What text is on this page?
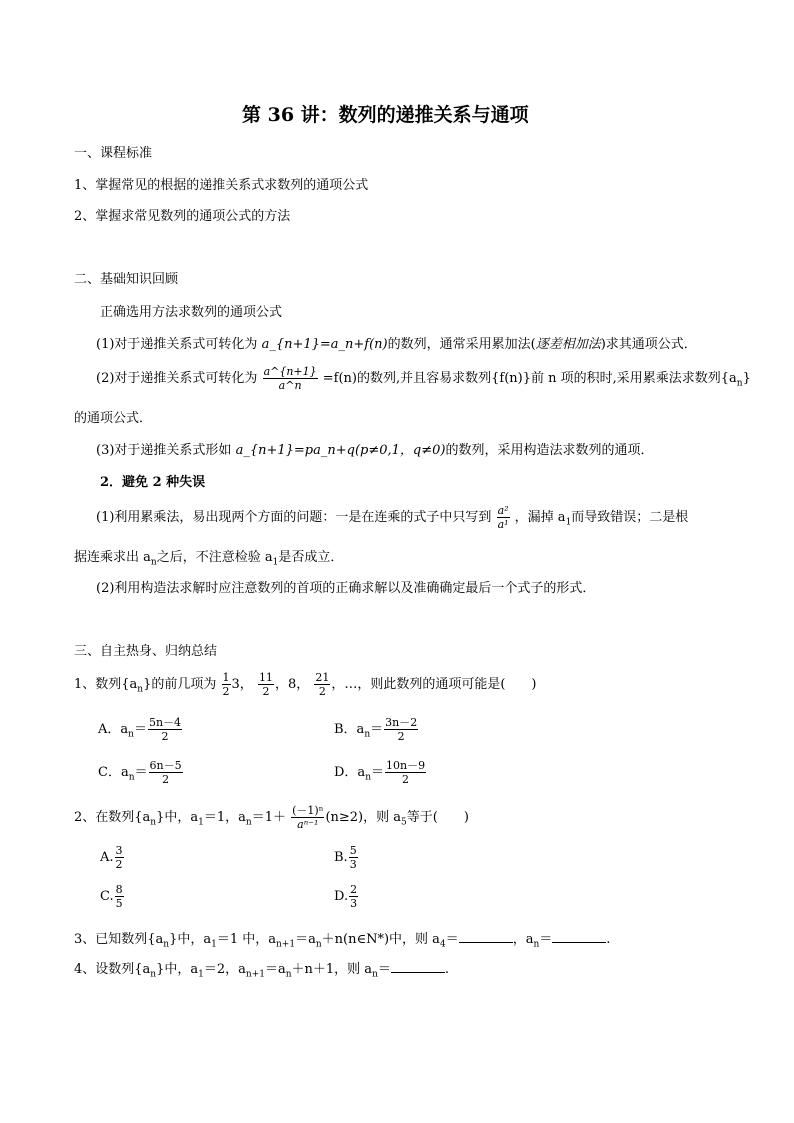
第 36 讲：数列的递推关系与通项
一、课程标准
1、掌握常见的根据的递推关系式求数列的通项公式
2、掌握求常见数列的通项公式的方法
二、基础知识回顾
正确选用方法求数列的通项公式
(1)对于递推关系式可转化为 a_{n+1}=a_n+f(n)的数列，通常采用累加法(逐差相加法)求其通项公式．
(2)对于递推关系式可转化为 $\frac{a\^{}\{n+1\}}{a\^{}n} =f(n)$的数列,并且容易求数列{f(n)}前 n 项的积时,采用累乘法求数列$\{a_n\}$
的通项公式．
(3)对于递推关系式形如 a_{n+1}=pa_n+q(p≠0,1，q≠0)的数列，采用构造法求数列的通项．
2．避免 2 种失误
(1)利用累乘法，易出现两个方面的问题：一是在连乘的式子中只写到 $\frac{\text{a²}}{\text{a¹}}$ ，漏掉 $a_1$而导致错误；二是根
据连乘求出 $a_n$之后，不注意检验 $a_1$是否成立．
(2)利用构造法求解时应注意数列的首项的正确求解以及准确确定最后一个式子的形式．
三、自主热身、归纳总结
1、数列$\{a_n\}$的前几项为 $\frac{1}{2} 3$， $\frac{11}{2}$ ，8， $\frac{21}{2}$ ，…，则此数列的通项可能是(　　)
A．$a_n= \frac{5n-4}{2}$	B．$a_n= \frac{3n-2}{2}$
C．$a_n= \frac{6n-5}{2}$	D．$a_n= \frac{10n-9}{2}$
2、在数列$\{a_n\}$中，$a_1=1$，$a_n=1+ \frac{\text{(－1)ⁿ}}{\text{aⁿ⁻¹}} (n\ge 2)$，则 $a_5$等于(　　)
A. $\frac{3}{2}$	B. $\frac{5}{3}$
C. $\frac{8}{5}$	D. $\frac{2}{3}$
3、已知数列$\{a_n\}$中，$a_1=1$ 中，$a_{n+1}=a_n+n(n\in N*)$中，则 $a_4=$	，$a_n=$	.
4、设数列$\{a_n\}$中，$a_1=2$，$a_{n+1}=a_n+n+1$，则 $a_n=$	.
